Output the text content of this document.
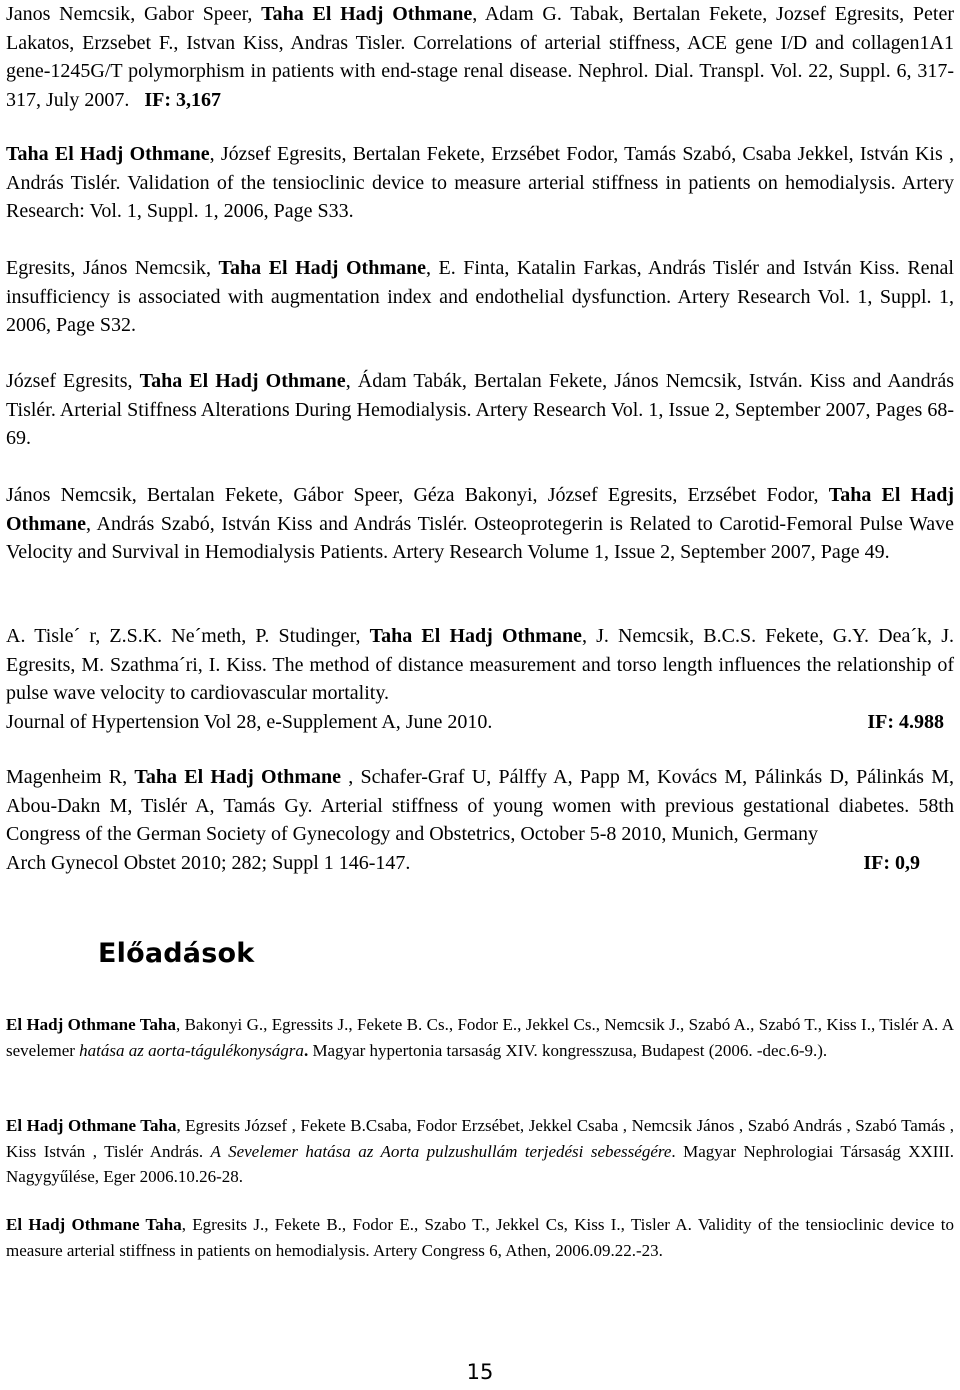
Janos Nemcsik, Gabor Speer, Taha El Hadj Othmane, Adam G. Tabak, Bertalan Fekete, Jozsef Egresits, Peter Lakatos, Erzsebet F., Istvan Kiss, Andras Tisler. Correlations of arterial stiffness, ACE gene I/D and collagen1A1 gene-1245G/T polymorphism in patients with end-stage renal disease. Nephrol. Dial. Transpl. Vol. 22, Suppl. 6, 317-317, July 2007. IF: 3,167

Taha El Hadj Othmane, József Egresits, Bertalan Fekete, Erzsébet Fodor, Tamás Szabó, Csaba Jekkel, István Kis , András Tislér. Validation of the tensioclinic device to measure arterial stiffness in patients on hemodialysis. Artery Research: Vol. 1, Suppl. 1, 2006, Page S33.

Egresits, János Nemcsik, Taha El Hadj Othmane, E. Finta, Katalin Farkas, András Tislér and István Kiss. Renal insufficiency is associated with augmentation index and endothelial dysfunction. Artery Research Vol. 1, Suppl. 1, 2006, Page S32.

József Egresits, Taha El Hadj Othmane, Ádam Tabák, Bertalan Fekete, János Nemcsik, István. Kiss and Aandrás Tislér. Arterial Stiffness Alterations During Hemodialysis. Artery Research Vol. 1, Issue 2, September 2007, Pages 68-69.

János Nemcsik, Bertalan Fekete, Gábor Speer, Géza Bakonyi, József Egresits, Erzsébet Fodor, Taha El Hadj Othmane, András Szabó, István Kiss and András Tislér. Osteoprotegerin is Related to Carotid-Femoral Pulse Wave Velocity and Survival in Hemodialysis Patients. Artery Research Volume 1, Issue 2, September 2007, Page 49.

A. Tisle´ r, Z.S.K. Ne´meth, P. Studinger, Taha El Hadj Othmane, J. Nemcsik, B.C.S. Fekete, G.Y. Dea´k, J. Egresits, M. Szathma´ri, I. Kiss. The method of distance measurement and torso length influences the relationship of pulse wave velocity to cardiovascular mortality.

Journal of Hypertension Vol 28, e-Supplement A, June 2010.	IF: 4.988

Magenheim R, Taha El Hadj Othmane , Schafer-Graf U, Pálffy A, Papp M, Kovács M, Pálinkás D, Pálinkás M, Abou-Dakn M, Tislér A, Tamás Gy. Arterial stiffness of young women with previous gestational diabetes. 58th Congress of the German Society of Gynecology and Obstetrics, October 5-8 2010, Munich, Germany

Arch Gynecol Obstet 2010; 282; Suppl 1 146-147.	IF: 0,9
Előadások

El Hadj Othmane Taha, Bakonyi G., Egressits J., Fekete B. Cs., Fodor E., Jekkel Cs., Nemcsik J., Szabó A., Szabó T., Kiss I., Tislér A. A sevelemer hatása az aorta-tágulékonyságra. Magyar hypertonia tarsaság XIV. kongresszusa, Budapest (2006. -dec.6-9.).

El Hadj Othmane Taha, Egresits József , Fekete B.Csaba, Fodor Erzsébet, Jekkel Csaba , Nemcsik János , Szabó András , Szabó Tamás , Kiss István , Tislér András. A Sevelemer hatása az Aorta pulzushullám terjedési sebességére. Magyar Nephrologiai Társaság XXIII. Nagygyűlése, Eger 2006.10.26-28.

El Hadj Othmane Taha, Egresits J., Fekete B., Fodor E., Szabo T., Jekkel Cs, Kiss I., Tisler A. Validity of the tensioclinic device to measure arterial stiffness in patients on hemodialysis. Artery Congress 6, Athen, 2006.09.22.-23.

15
